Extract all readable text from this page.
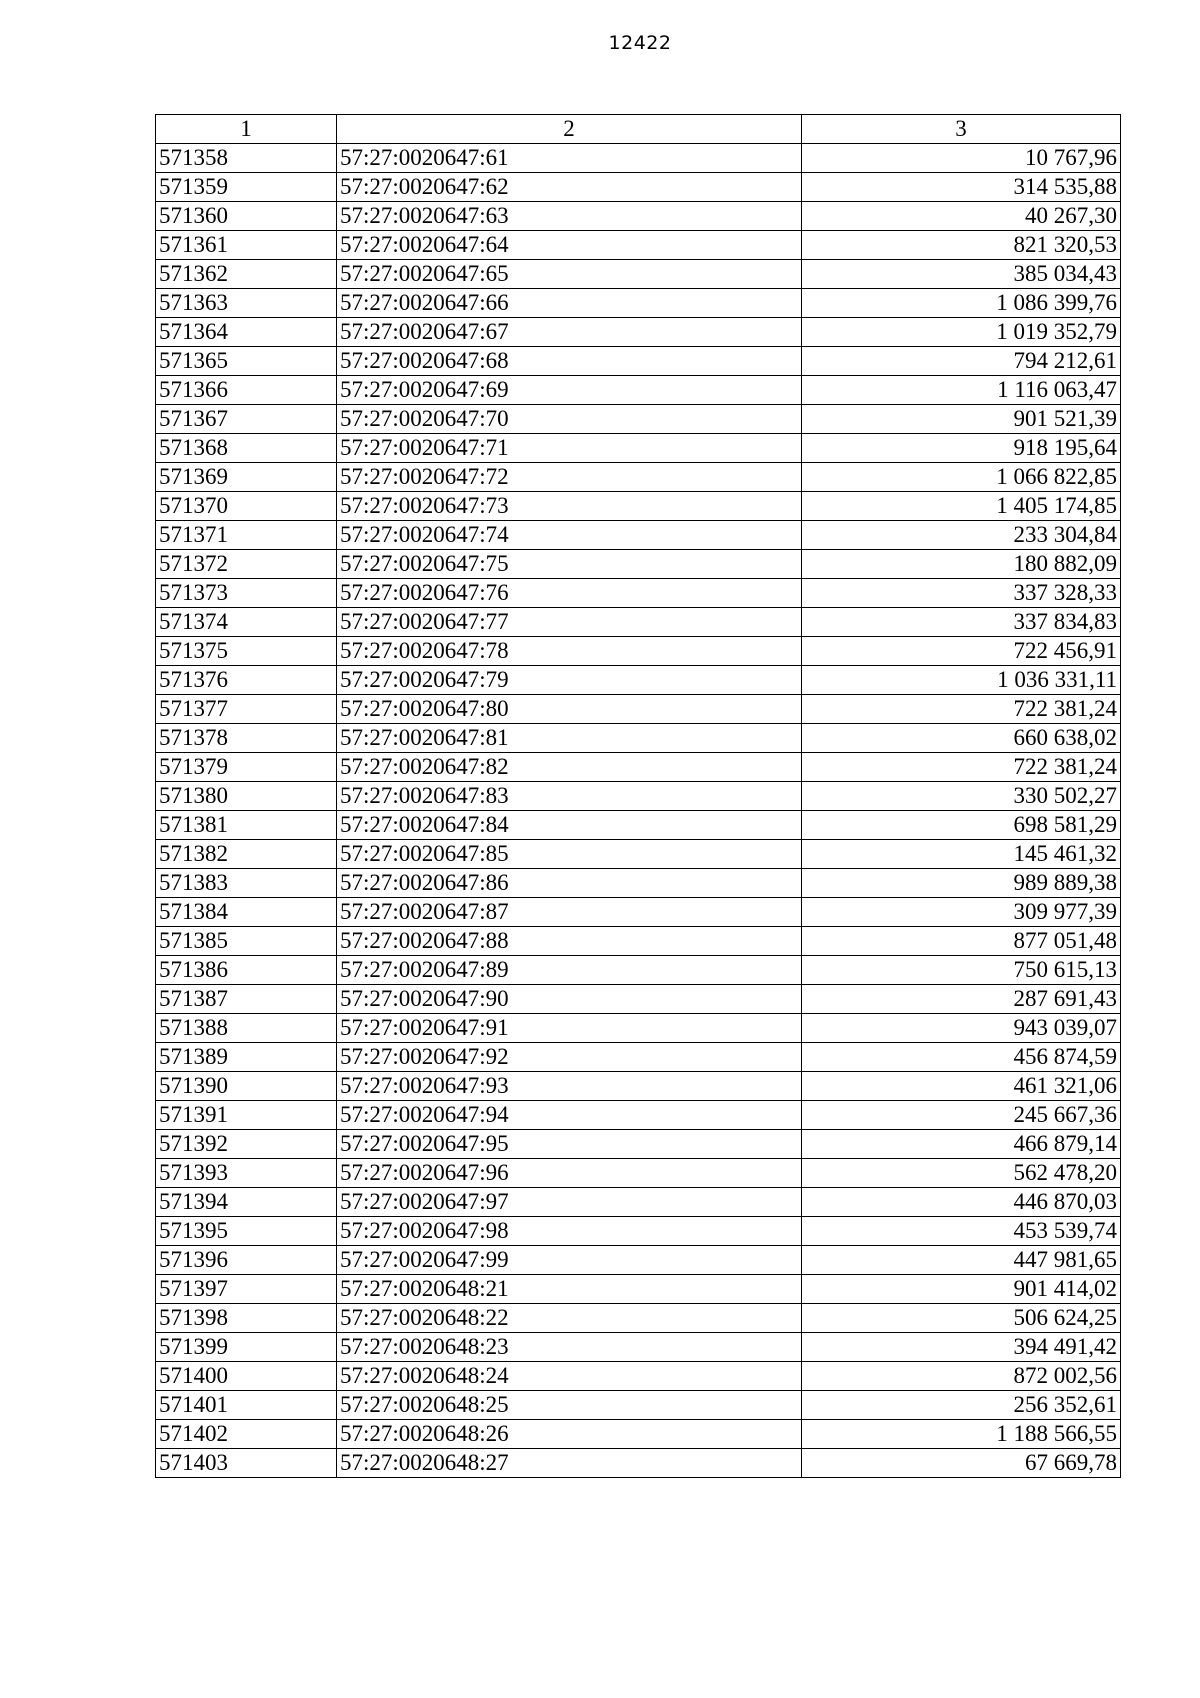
12422
1	2	3
571358	57:27:0020647:61	10 767,96
571359	57:27:0020647:62	314 535,88
571360	57:27:0020647:63	40 267,30
571361	57:27:0020647:64	821 320,53
571362	57:27:0020647:65	385 034,43
571363	57:27:0020647:66	1 086 399,76
571364	57:27:0020647:67	1 019 352,79
571365	57:27:0020647:68	794 212,61
571366	57:27:0020647:69	1 116 063,47
571367	57:27:0020647:70	901 521,39
571368	57:27:0020647:71	918 195,64
571369	57:27:0020647:72	1 066 822,85
571370	57:27:0020647:73	1 405 174,85
571371	57:27:0020647:74	233 304,84
571372	57:27:0020647:75	180 882,09
571373	57:27:0020647:76	337 328,33
571374	57:27:0020647:77	337 834,83
571375	57:27:0020647:78	722 456,91
571376	57:27:0020647:79	1 036 331,11
571377	57:27:0020647:80	722 381,24
571378	57:27:0020647:81	660 638,02
571379	57:27:0020647:82	722 381,24
571380	57:27:0020647:83	330 502,27
571381	57:27:0020647:84	698 581,29
571382	57:27:0020647:85	145 461,32
571383	57:27:0020647:86	989 889,38
571384	57:27:0020647:87	309 977,39
571385	57:27:0020647:88	877 051,48
571386	57:27:0020647:89	750 615,13
571387	57:27:0020647:90	287 691,43
571388	57:27:0020647:91	943 039,07
571389	57:27:0020647:92	456 874,59
571390	57:27:0020647:93	461 321,06
571391	57:27:0020647:94	245 667,36
571392	57:27:0020647:95	466 879,14
571393	57:27:0020647:96	562 478,20
571394	57:27:0020647:97	446 870,03
571395	57:27:0020647:98	453 539,74
571396	57:27:0020647:99	447 981,65
571397	57:27:0020648:21	901 414,02
571398	57:27:0020648:22	506 624,25
571399	57:27:0020648:23	394 491,42
571400	57:27:0020648:24	872 002,56
571401	57:27:0020648:25	256 352,61
571402	57:27:0020648:26	1 188 566,55
571403	57:27:0020648:27	67 669,78
